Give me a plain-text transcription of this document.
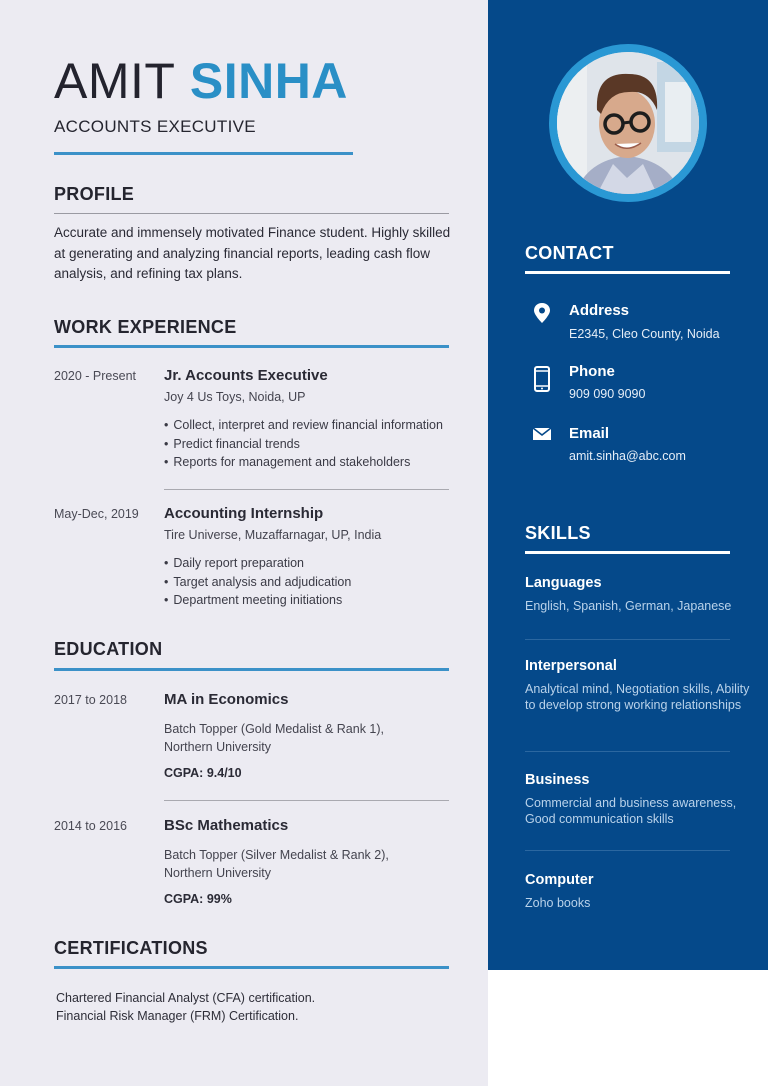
AMIT SINHA
ACCOUNTS EXECUTIVE
PROFILE
Accurate and immensely motivated Finance student. Highly skilled at generating and analyzing financial reports, leading cash flow analysis, and refining tax plans.
WORK EXPERIENCE
2020 - Present Jr. Accounts Executive
Joy 4 Us Toys, Noida, UP
• Collect, interpret and review financial information
• Predict financial trends
• Reports for management and stakeholders
May-Dec, 2019 Accounting Internship
Tire Universe, Muzaffarnagar, UP, India
• Daily report preparation
• Target analysis and adjudication
• Department meeting initiations
EDUCATION
2017 to 2018 MA in Economics
Batch Topper (Gold Medalist & Rank 1),
Northern University
CGPA: 9.4/10
2014 to 2016 BSc Mathematics
Batch Topper (Silver Medalist & Rank 2),
Northern University
CGPA: 99%
CERTIFICATIONS
Chartered Financial Analyst (CFA) certification.
Financial Risk Manager (FRM) Certification.
CONTACT
Address
E2345, Cleo County, Noida
Phone
909 090 9090
Email
amit.sinha@abc.com
SKILLS
Languages
English, Spanish, German, Japanese
Interpersonal
Analytical mind, Negotiation skills, Ability to develop strong working relationships
Business
Commercial and business awareness, Good communication skills
Computer
Zoho books
